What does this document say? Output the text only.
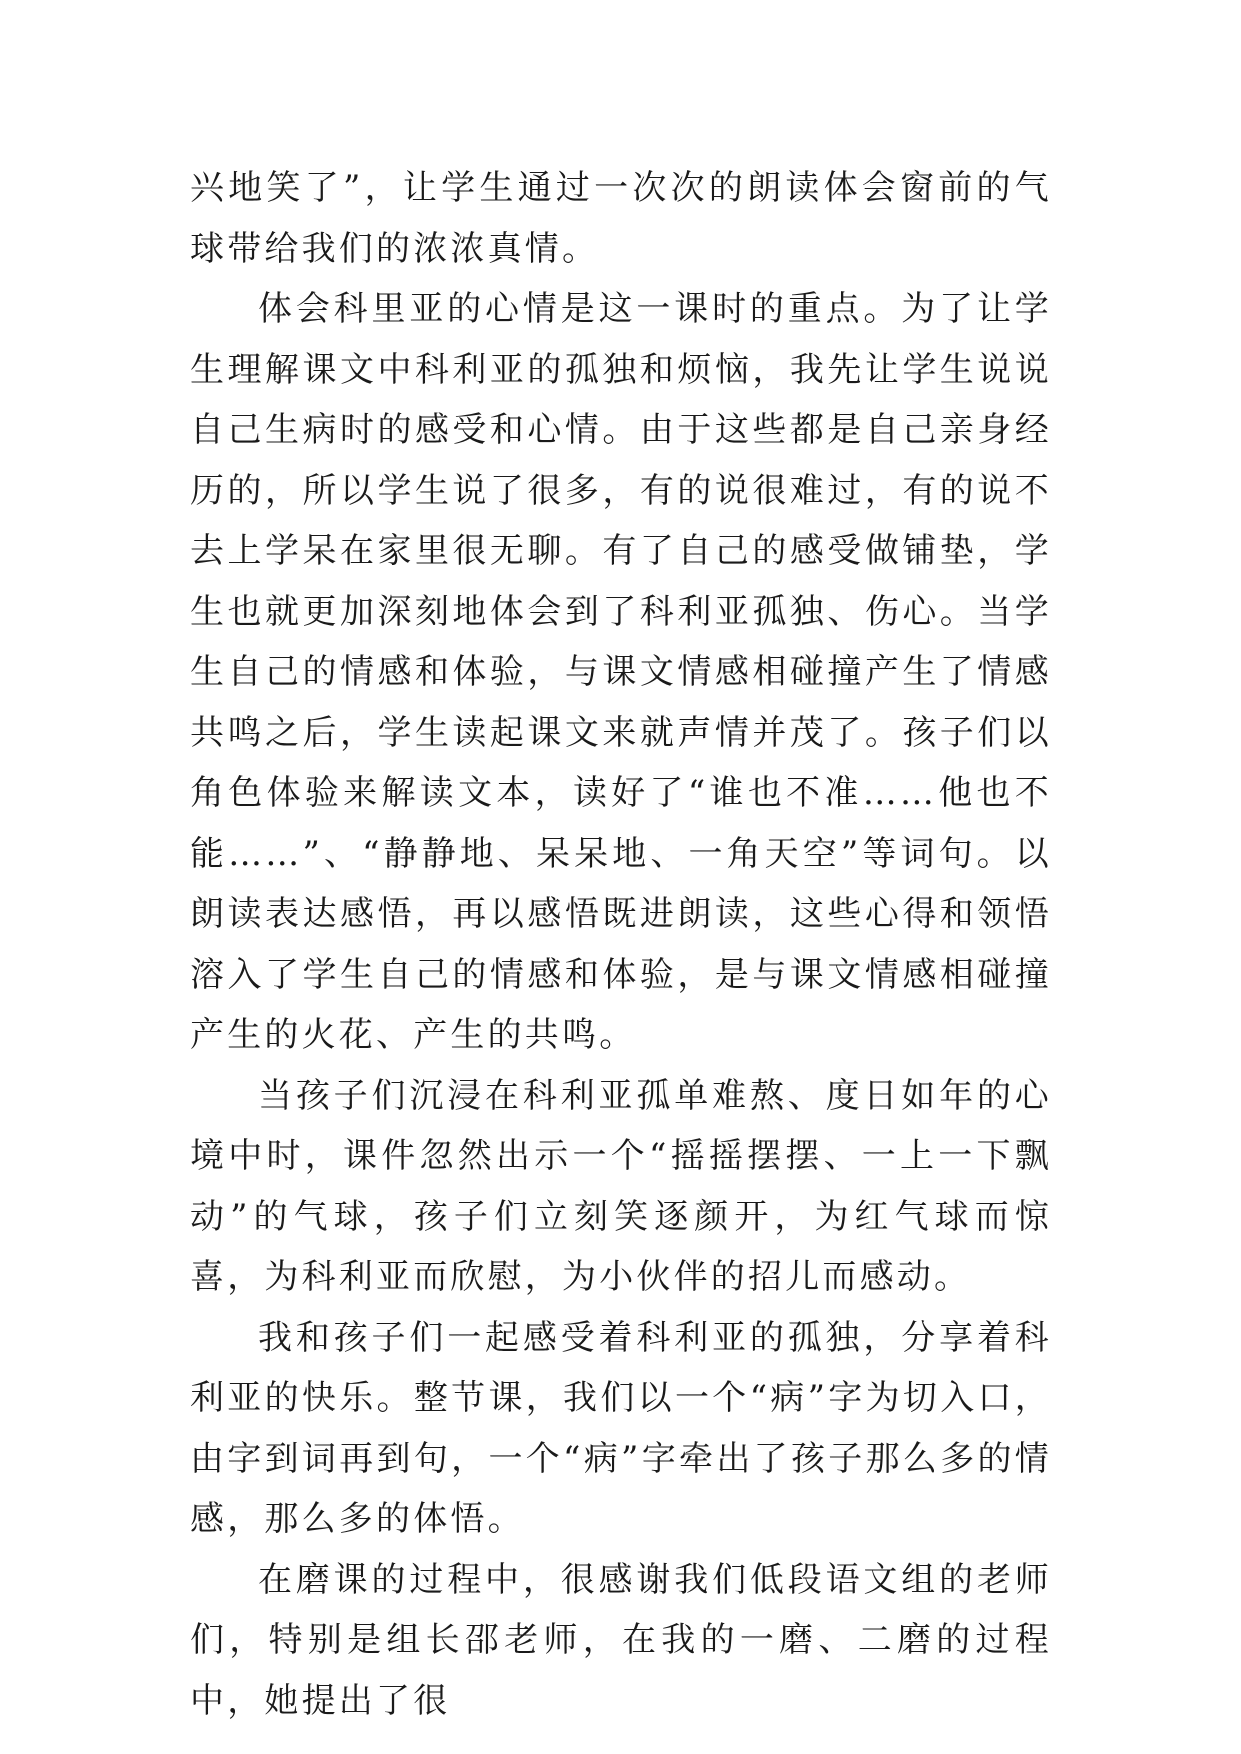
兴地笑了”，让学生通过一次次的朗读体会窗前的气球带给我们的浓浓真情。

体会科里亚的心情是这一课时的重点。为了让学生理解课文中科利亚的孤独和烦恼，我先让学生说说自己生病时的感受和心情。由于这些都是自己亲身经历的，所以学生说了很多，有的说很难过，有的说不去上学呆在家里很无聊。有了自己的感受做铺垫，学生也就更加深刻地体会到了科利亚孤独、伤心。当学生自己的情感和体验，与课文情感相碰撞产生了情感共鸣之后，学生读起课文来就声情并茂了。孩子们以角色体验来解读文本，读好了“谁也不准……他也不能……”、“静静地、呆呆地、一角天空”等词句。以朗读表达感悟，再以感悟既进朗读，这些心得和领悟溶入了学生自己的情感和体验，是与课文情感相碰撞产生的火花、产生的共鸣。

当孩子们沉浸在科利亚孤单难熬、度日如年的心境中时，课件忽然出示一个“摇摇摆摆、一上一下飘动”的气球，孩子们立刻笑逐颜开，为红气球而惊喜，为科利亚而欣慰，为小伙伴的招儿而感动。

我和孩子们一起感受着科利亚的孤独，分享着科利亚的快乐。整节课，我们以一个“病”字为切入口，由字到词再到句，一个“病”字牵出了孩子那么多的情感，那么多的体悟。

在磨课的过程中，很感谢我们低段语文组的老师们，特别是组长邵老师，在我的一磨、二磨的过程中，她提出了很
